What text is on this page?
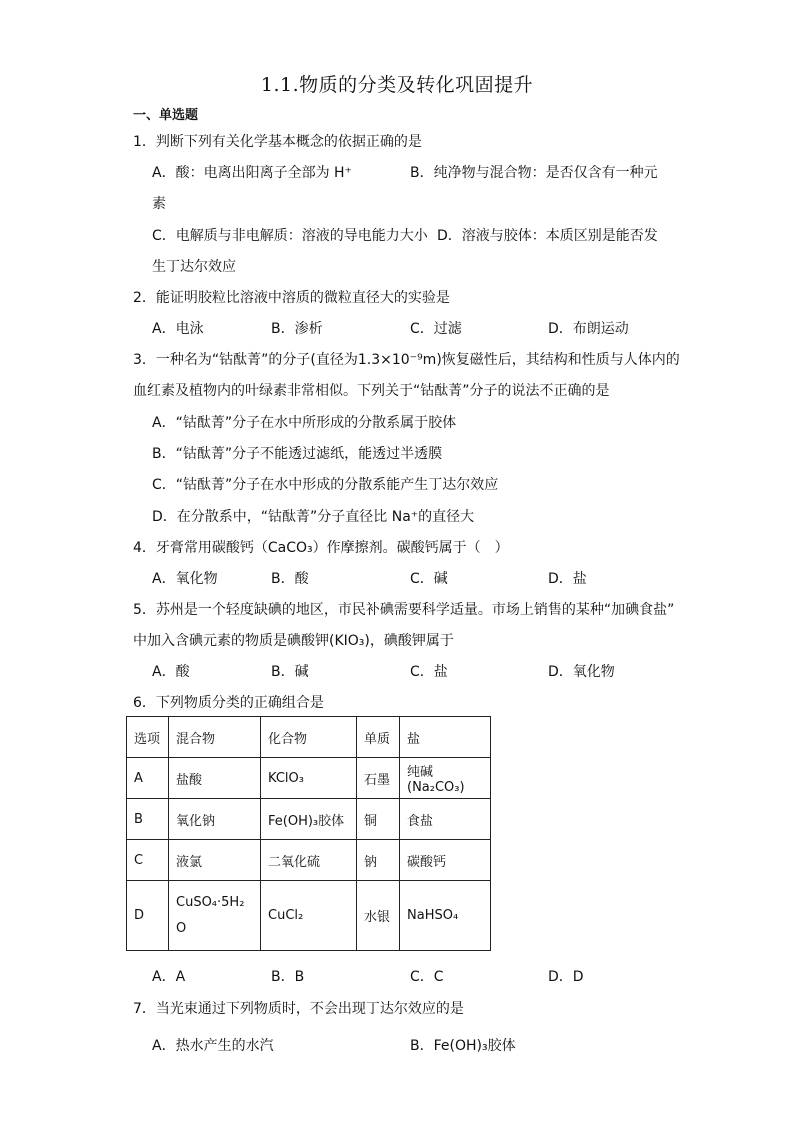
1.1.物质的分类及转化巩固提升
一、单选题
1．判断下列有关化学基本概念的依据正确的是
A．酸：电离出阳离子全部为 H⁺	B．纯净物与混合物：是否仅含有一种元
素
C．电解质与非电解质：溶液的导电能力大小 D．溶液与胶体：本质区别是能否发
生丁达尔效应
2．能证明胶粒比溶液中溶质的微粒直径大的实验是
A．电泳	B．渗析	C．过滤	D．布朗运动
3．一种名为“钴酞菁”的分子(直径为1.3×10⁻⁹m)恢复磁性后，其结构和性质与人体内的
血红素及植物内的叶绿素非常相似。下列关于“钴酞菁”分子的说法不正确的是
A．“钴酞菁”分子在水中所形成的分散系属于胶体
B．“钴酞菁”分子不能透过滤纸，能透过半透膜
C．“钴酞菁”分子在水中形成的分散系能产生丁达尔效应
D．在分散系中，“钴酞菁”分子直径比 Na⁺的直径大
4．牙膏常用碳酸钙（CaCO₃）作摩擦剂。碳酸钙属于（　）
A．氧化物	B．酸	C．碱	D．盐
5．苏州是一个轻度缺碘的地区，市民补碘需要科学适量。市场上销售的某种“加碘食盐”
中加入含碘元素的物质是碘酸钾(KIO₃)，碘酸钾属于
A．酸	B．碱	C．盐	D．氧化物
6．下列物质分类的正确组合是
选项	混合物	化合物	单质	盐
A	盐酸	KClO₃	石墨	纯碱(Na₂CO₃)
B	氧化钠	Fe(OH)₃胶体	铜	食盐
C	液氯	二氧化硫	钠	碳酸钙
D	CuSO₄·5H₂O	CuCl₂	水银	NaHSO₄
A．A	B．B	C．C	D．D
7．当光束通过下列物质时，不会出现丁达尔效应的是
A．热水产生的水汽	B．Fe(OH)₃胶体
